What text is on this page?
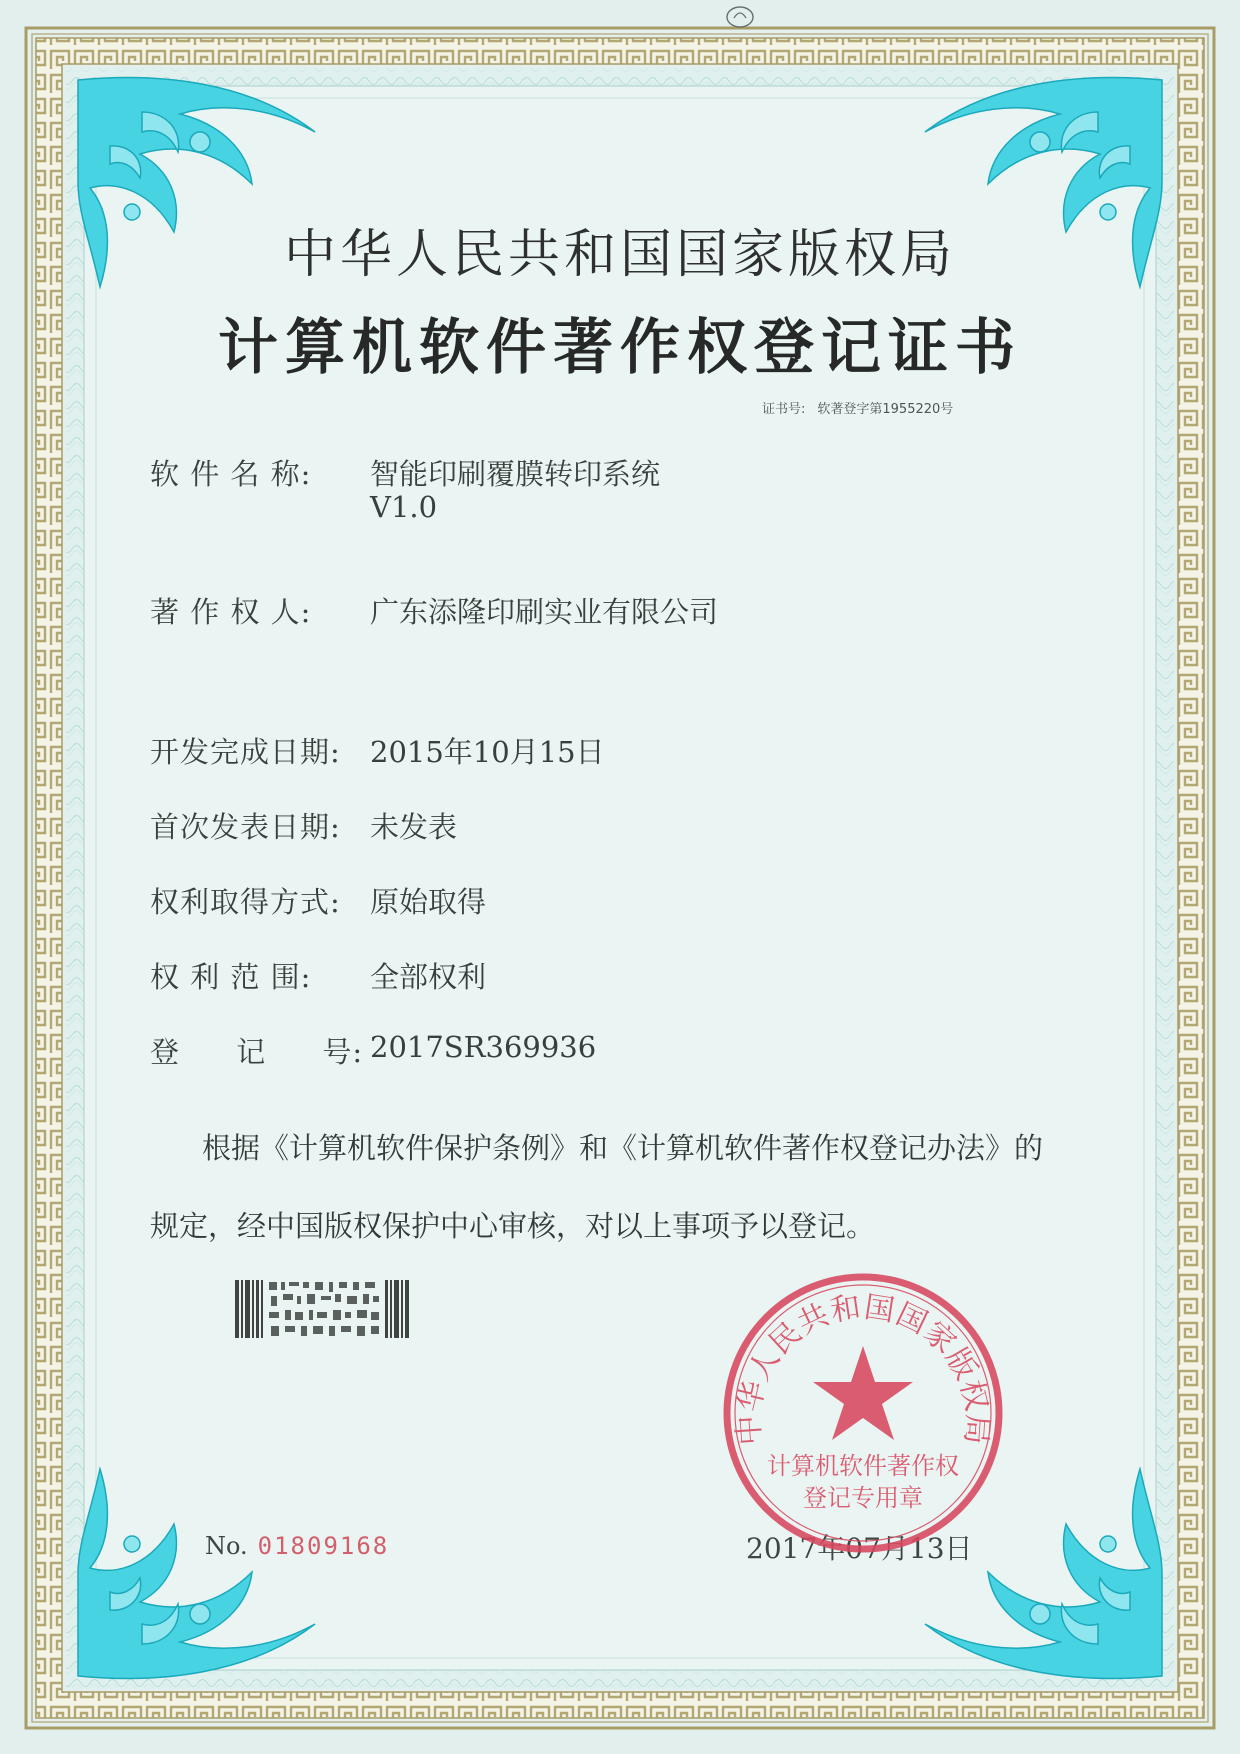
中华人民共和国国家版权局
计算机软件著作权登记证书
证书号: 软著登字第1955220号
软 件 名 称: 智能印刷覆膜转印系统
V1.0
著 作 权 人: 广东添隆印刷实业有限公司
开发完成日期: 2015年10月15日
首次发表日期: 未发表
权利取得方式: 原始取得
权 利 范 围: 全部权利
登 记 号: 2017SR369936
根据《计算机软件保护条例》和《计算机软件著作权登记办法》的
规定，经中国版权保护中心审核，对以上事项予以登记。
No. 01809168	2017年07月13日
中华人民共和国国家版权局
计算机软件著作权
登记专用章
